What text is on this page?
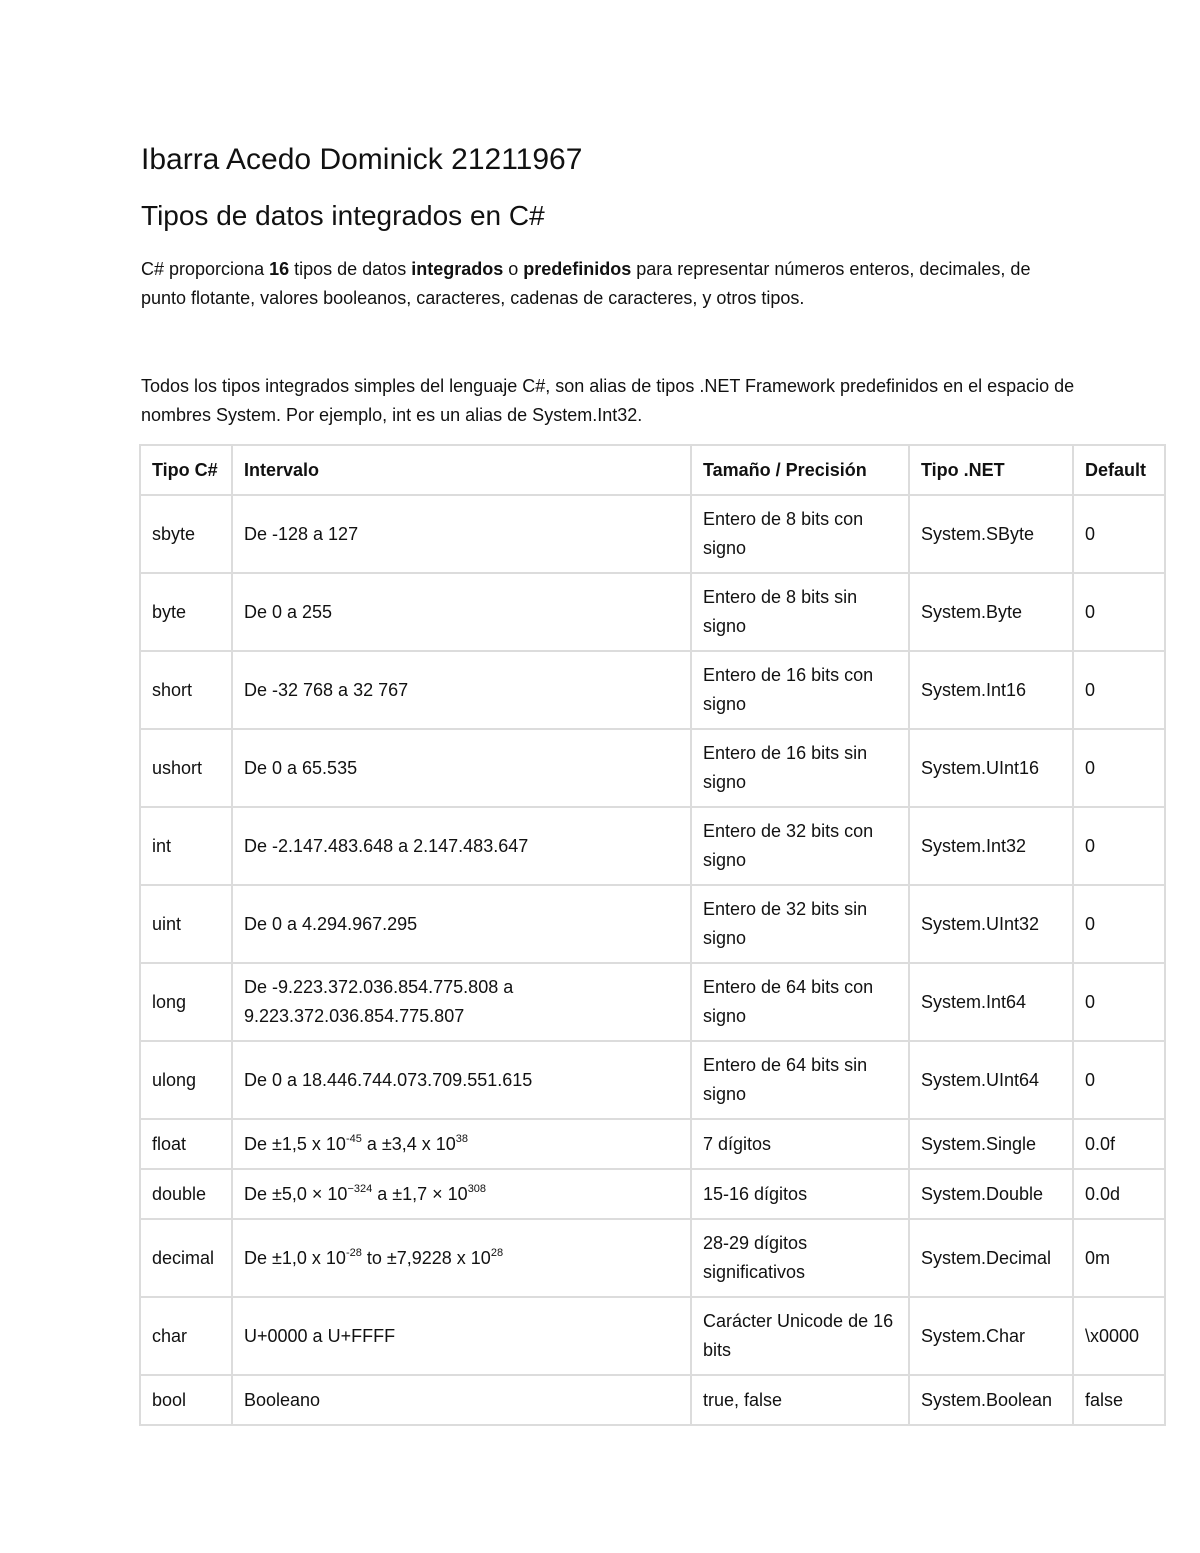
Ibarra Acedo Dominick 21211967
Tipos de datos integrados en C#

C# proporciona 16 tipos de datos integrados o predefinidos para representar números enteros, decimales, de punto flotante, valores booleanos, caracteres, cadenas de caracteres, y otros tipos.

Todos los tipos integrados simples del lenguaje C#, son alias de tipos .NET Framework predefinidos en el espacio de nombres System. Por ejemplo, int es un alias de System.Int32.

Tipo C#	Intervalo	Tamaño / Precisión	Tipo .NET	Default
sbyte	De -128 a 127	Entero de 8 bits con signo	System.SByte	0
byte	De 0 a 255	Entero de 8 bits sin signo	System.Byte	0
short	De -32 768 a 32 767	Entero de 16 bits con signo	System.Int16	0
ushort	De 0 a 65.535	Entero de 16 bits sin signo	System.UInt16	0
int	De -2.147.483.648 a 2.147.483.647	Entero de 32 bits con signo	System.Int32	0
uint	De 0 a 4.294.967.295	Entero de 32 bits sin signo	System.UInt32	0
long	De -9.223.372.036.854.775.808 a 9.223.372.036.854.775.807	Entero de 64 bits con signo	System.Int64	0
ulong	De 0 a 18.446.744.073.709.551.615	Entero de 64 bits sin signo	System.UInt64	0
float	De ±1,5 x $10^{-45}$ a ±3,4 x $10^{38}$	7 dígitos	System.Single	0.0f
double	$De \pm 5,0 \times 10^{-324}$ $a \pm 1,7 \times 10^{308}$	15-16 dígitos	System.Double	0.0d
decimal	De ±1,0 x $10^{-28}$ to ±7,9228 x $10^{28}$	28-29 dígitos significativos	System.Decimal	0m
char	U+0000 a U+FFFF	Carácter Unicode de 16 bits	System.Char	\x0000
bool	Booleano	true, false	System.Boolean	false
